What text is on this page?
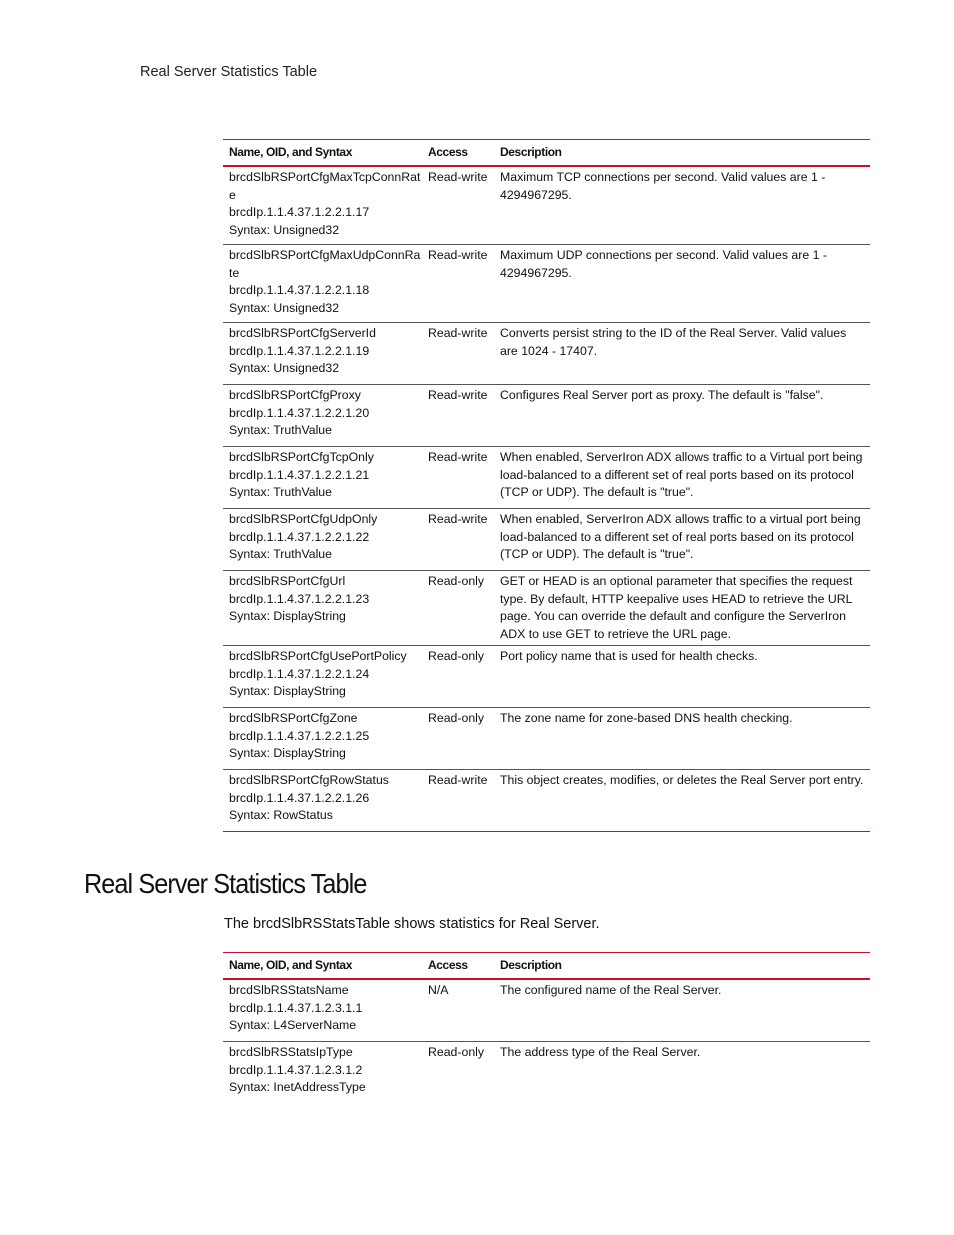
Real Server Statistics Table
Name, OID, and Syntax	Access	Description
brcdSlbRSPortCfgMaxTcpConnRat
e
brcdIp.1.1.4.37.1.2.2.1.17
Syntax: Unsigned32
Read-write	Maximum TCP connections per second. Valid values are 1 - 4294967295.
brcdSlbRSPortCfgMaxUdpConnRa
te
brcdIp.1.1.4.37.1.2.2.1.18
Syntax: Unsigned32
Read-write	Maximum UDP connections per second. Valid values are 1 - 4294967295.
brcdSlbRSPortCfgServerId
brcdIp.1.1.4.37.1.2.2.1.19
Syntax: Unsigned32
Read-write	Converts persist string to the ID of the Real Server. Valid values are 1024 - 17407.
brcdSlbRSPortCfgProxy
brcdIp.1.1.4.37.1.2.2.1.20
Syntax: TruthValue
Read-write	Configures Real Server port as proxy. The default is "false".
brcdSlbRSPortCfgTcpOnly
brcdIp.1.1.4.37.1.2.2.1.21
Syntax: TruthValue
Read-write	When enabled, ServerIron ADX allows traffic to a Virtual port being load-balanced to a different set of real ports based on its protocol (TCP or UDP). The default is "true".
brcdSlbRSPortCfgUdpOnly
brcdIp.1.1.4.37.1.2.2.1.22
Syntax: TruthValue
Read-write	When enabled, ServerIron ADX allows traffic to a virtual port being load-balanced to a different set of real ports based on its protocol (TCP or UDP). The default is "true".
brcdSlbRSPortCfgUrl
brcdIp.1.1.4.37.1.2.2.1.23
Syntax: DisplayString
Read-only	GET or HEAD is an optional parameter that specifies the request type. By default, HTTP keepalive uses HEAD to retrieve the URL page. You can override the default and configure the ServerIron ADX to use GET to retrieve the URL page.
brcdSlbRSPortCfgUsePortPolicy
brcdIp.1.1.4.37.1.2.2.1.24
Syntax: DisplayString
Read-only	Port policy name that is used for health checks.
brcdSlbRSPortCfgZone
brcdIp.1.1.4.37.1.2.2.1.25
Syntax: DisplayString
Read-only	The zone name for zone-based DNS health checking.
brcdSlbRSPortCfgRowStatus
brcdIp.1.1.4.37.1.2.2.1.26
Syntax: RowStatus
Read-write	This object creates, modifies, or deletes the Real Server port entry.
Real Server Statistics Table
The brcdSlbRSStatsTable shows statistics for Real Server.
Name, OID, and Syntax	Access	Description
brcdSlbRSStatsName
brcdIp.1.1.4.37.1.2.3.1.1
Syntax: L4ServerName
N/A	The configured name of the Real Server.
brcdSlbRSStatsIpType
brcdIp.1.1.4.37.1.2.3.1.2
Syntax: InetAddressType
Read-only	The address type of the Real Server.
